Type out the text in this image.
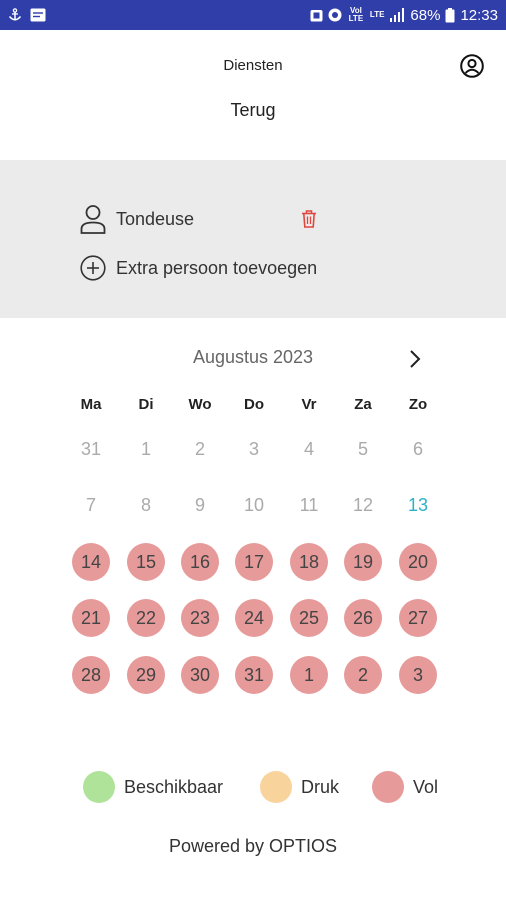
Vol LTE LTE 68% 12:33
Diensten
Terug
Tondeuse
Extra persoon toevoegen
Augustus 2023
Ma	Di	Wo	Do	Vr	Za	Zo
31	1	2	3	4	5	6
7	8	9	10	11	12	13
14	15	16	17	18	19	20
21	22	23	24	25	26	27
28	29	30	31	1	2	3
Beschikbaar	Druk	Vol
Powered by OPTIOS
